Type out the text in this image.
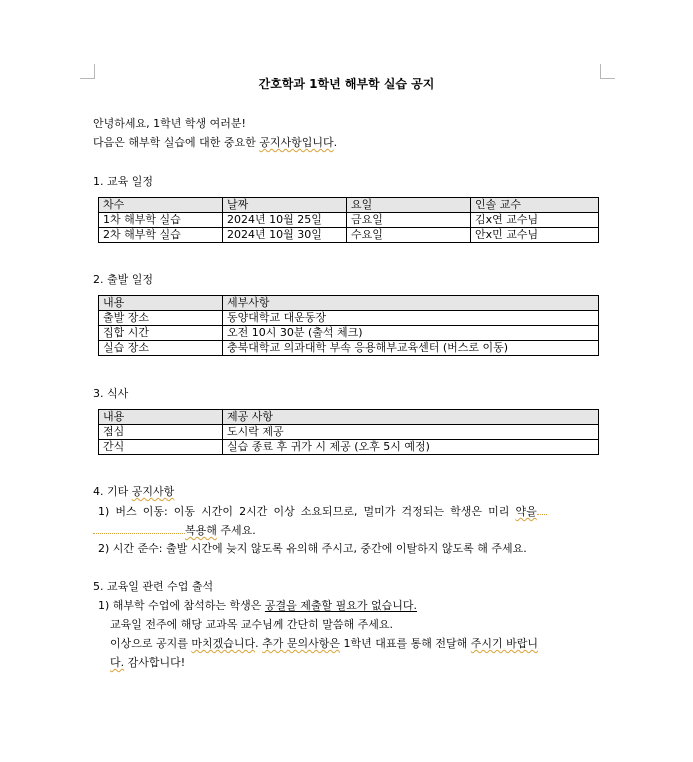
간호학과 1학년 해부학 실습 공지
안녕하세요, 1학년 학생 여러분!
다음은 해부학 실습에 대한 중요한 공지사항입니다.
1. 교육 일정
차수	날짜	요일	인솔 교수
1차 해부학 실습	2024년 10월 25일	금요일	김x연 교수님
2차 해부학 실습	2024년 10월 30일	수요일	안x민 교수님
2. 출발 일정
내용	세부사항
출발 장소	동양대학교 대운동장
집합 시간	오전 10시 30분 (출석 체크)
실습 장소	충북대학교 의과대학 부속 응용해부교육센터 (버스로 이동)
3. 식사
내용	제공 사항
점심	도시락 제공
간식	실습 종료 후 귀가 시 제공 (오후 5시 예정)
4. 기타 공지사항
1) 버스 이동: 이동 시간이 2시간 이상 소요되므로, 멀미가 걱정되는 학생은 미리 약을
복용해 주세요.
2) 시간 준수: 출발 시간에 늦지 않도록 유의해 주시고, 중간에 이탈하지 않도록 해 주세요.
5. 교육일 관련 수업 출석
1) 해부학 수업에 참석하는 학생은 공결을 제출할 필요가 없습니다.
교육일 전주에 해당 교과목 교수님께 간단히 말씀해 주세요.
이상으로 공지를 마치겠습니다. 추가 문의사항은 1학년 대표를 통해 전달해 주시기 바랍니
다. 감사합니다!
